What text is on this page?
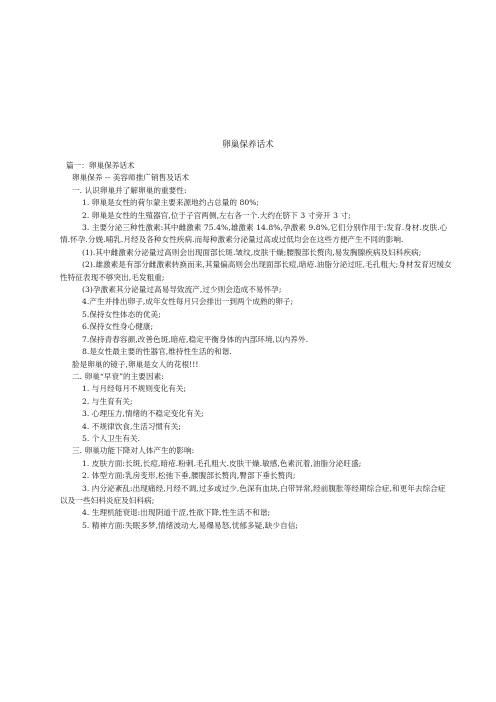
卵巢保养话术
篇一：卵巢保养话术
卵巢保养 -- 美容师推广销售及话术
一. 认识卵巢并了解卵巢的重要性:
1. 卵巢是女性的荷尔蒙主要来源地约占总量的 80%;
2. 卵巢是女性的生殖器官,位于子宫两侧,左右各一个.大约在脐下 3 寸旁开 3 寸;
3. 主要分泌三种性激素:其中雌激素 75.4%,雄激素 14.8%,孕激素 9.8%,它们分别作用于:发育.身材.皮肤.心情.怀孕.分娩.哺乳.月经及各种女性疾病.而每种激素分泌量过高或过低均会在这些方便产生不同的影响.
(1).其中雌激素分泌量过高则会出现面部长斑.皱纹,皮肤干燥;腰腹部长赘肉,易发胸腺疾病及妇科疾病;
(2).雄激素是有部分雌激素转换而来,其量偏高则会出现面部长痘,暗疮.油脂分泌过旺,毛孔粗大;身材发育迟缓女性特征表现不够突出,毛发粗重;
(3)孕激素其分泌量过高易导致流产,过少则会造成不易怀孕;
4.产生并排出卵子,成年女性每月只会排出一到两个成熟的卵子;
5.保持女性体态的优美;
6.保持女性身心健康;
7.保持青春容颜,改善色斑,暗疮,稳定平衡身体的内部环境,以内养外.
8.是女性最主要的性器官,维持性生活的和谐.
脸是卵巢的镜子,卵巢是女人的花根!!!
二. 卵巢“早衰”的主要因素:
1. 与月经每月不规则变化有关;
2. 与生育有关;
3. 心理压力,情绪的不稳定变化有关;
4. 不规律饮食,生活习惯有关;
5. 个人卫生有关.
三. 卵巢功能下降对人体产生的影响:
1. 皮肤方面:长斑,长痘,暗疮.粉刺.毛孔粗大.皮肤干燥.敏感,色素沉着,油脂分泌旺盛;
2. 体型方面:乳房变形,松弛下垂,腰腹部长赘肉,臀部下垂长赘肉;
3. 内分泌紊乱:出现痛经,月经不调,过多或过少,色深有血块,白带异常,经前腹胀等经期综合症,和更年去综合症以及一些妇科炎症及妇科病;
4. 生理机能衰退:出现阴道干涩,性欲下降,性生活不和谐;
5. 精神方面:失眠多梦,情绪波动大,易爆易怒,忧郁多疑,缺少自信;
